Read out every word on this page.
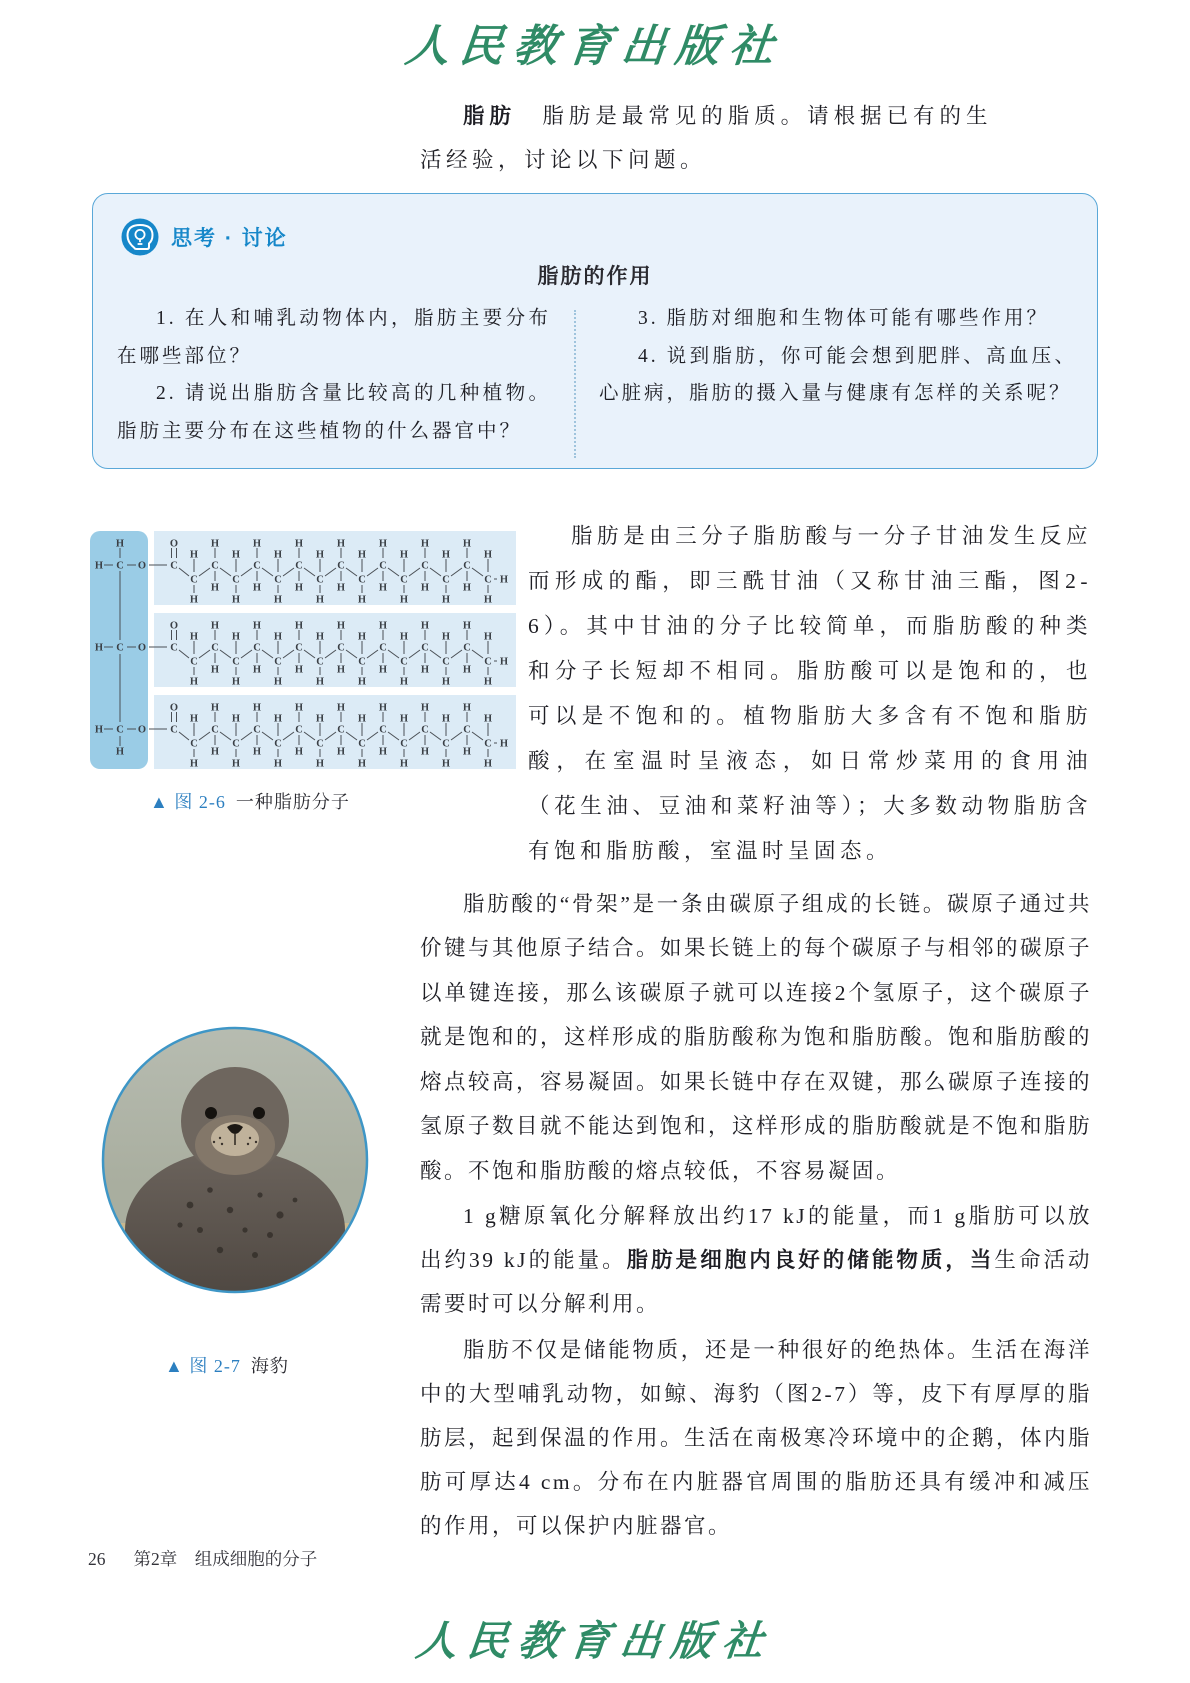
人民教育出版社

脂肪　脂肪是最常见的脂质。请根据已有的生活经验，讨论以下问题。

思考 · 讨论
脂肪的作用
1. 在人和哺乳动物体内，脂肪主要分布在哪些部位？
2. 请说出脂肪含量比较高的几种植物。脂肪主要分布在这些植物的什么器官中？
3. 脂肪对细胞和生物体可能有哪些作用？
4. 说到脂肪，你可能会想到肥胖、高血压、心脏病，脂肪的摄入量与健康有怎样的关系呢？
H C O
H
C
O
C
H
H
C
H
H
C
H
H
C
H
H
C
H
H
C
H
H
C
H
H
C
H
H
C
H
H
C
H
H
C
H
H
C
H
H
C
H
H
C
H
H
C
H
H
H
H C O C
O
C
H
H
C
H
H
C
H
H
C
H
H
C
H
H
C
H
H
C
H
H
C
H
H
C
H
H
C
H
H
C
H
H
C
H
H
C
H
H
C
H
H
C
H
H
H
H C O
H
C
O
C
H
H
C
H
H
C
H
H
C
H
H
C
H
H
C
H
H
C
H
H
C
H
H
C
H
H
C
H
H
C
H
H
C
H
H
C
H
H
C
H
H
C
H
H
H
▲ 图 2-6 一种脂肪分子

脂肪是由三分子脂肪酸与一分子甘油发生反应而形成的酯，即三酰甘油（又称甘油三酯，图2-6）。其中甘油的分子比较简单，而脂肪酸的种类和分子长短却不相同。脂肪酸可以是饱和的，也可以是不饱和的。植物脂肪大多含有不饱和脂肪酸，在室温时呈液态，如日常炒菜用的食用油（花生油、豆油和菜籽油等）；大多数动物脂肪含有饱和脂肪酸，室温时呈固态。

脂肪酸的“骨架”是一条由碳原子组成的长链。碳原子通过共价键与其他原子结合。如果长链上的每个碳原子与相邻的碳原子以单键连接，那么该碳原子就可以连接2个氢原子，这个碳原子就是饱和的，这样形成的脂肪酸称为饱和脂肪酸。饱和脂肪酸的熔点较高，容易凝固。如果长链中存在双键，那么碳原子连接的氢原子数目就不能达到饱和，这样形成的脂肪酸就是不饱和脂肪酸。不饱和脂肪酸的熔点较低，不容易凝固。

1 g糖原氧化分解释放出约17 kJ的能量，而1 g脂肪可以放出约39 kJ的能量。脂肪是细胞内良好的储能物质，当生命活动需要时可以分解利用。

脂肪不仅是储能物质，还是一种很好的绝热体。生活在海洋中的大型哺乳动物，如鲸、海豹（图2-7）等，皮下有厚厚的脂肪层，起到保温的作用。生活在南极寒冷环境中的企鹅，体内脂肪可厚达4 cm。分布在内脏器官周围的脂肪还具有缓冲和减压的作用，可以保护内脏器官。

▲ 图 2-7 海豹
26 第2章　组成细胞的分子
人民教育出版社
